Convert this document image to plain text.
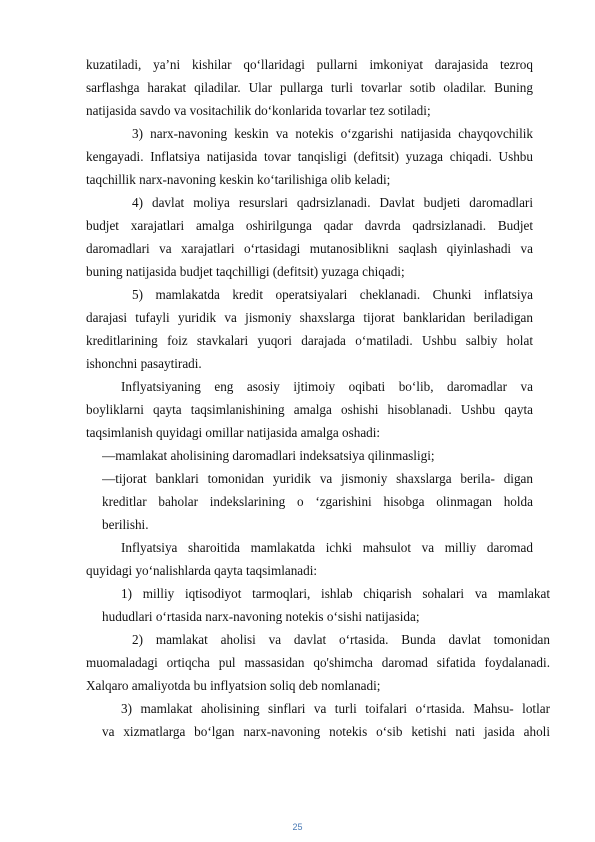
kuzatiladi, ya’ni kishilar qo‘llaridagi pullarni imkoniyat darajasida tezroq
sarflashga harakat qiladilar. Ular pullarga turli tovarlar sotib oladilar. Buning
natijasida savdo va vositachilik do‘konlarida tovarlar tez sotiladi;
3) narx-navoning keskin va notekis o‘zgarishi natijasida chayqovchilik
kengayadi. Inflatsiya natijasida tovar tanqisligi (defitsit) yuzaga chiqadi. Ushbu
taqchillik narx-navoning keskin ko‘tarilishiga olib keladi;
4) davlat moliya resurslari qadrsizlanadi. Davlat budjeti daromadlari
budjet xarajatlari amalga oshirilgungа qadar davrda qadrsizlanadi. Budjet
daromadlari va xarajatlari o‘rtasidagi mutanosiblikni saqlash qiyinlashadi va
buning natijasida budjet taqchilligi (defitsit) yuzaga chiqadi;
5) mamlakatda kredit operatsiyalari cheklanadi. Chunki inflatsiya
darajasi tufayli yuridik va jismoniy shaxslarga tijorat banklaridan beriladigan
kreditlarining foiz stavkalari yuqori darajada o‘matiladi. Ushbu salbiy holat
ishonchni pasaytiradi.
Inflyatsiyaning eng asosiy ijtimoiy oqibati bo‘lib, daromadlar va
boyliklarni qayta taqsimlanishining amalga oshishi hisoblanadi. Ushbu qayta
taqsimlanish quyidagi omillar natijasida amalga oshadi:
—mamlakat aholisining daromadlari indeksatsiya qilinmasligi;
—tijorat banklari tomonidan yuridik va jismoniy shaxslarga berila- digan
kreditlar baholar indekslarining o ‘zgarishini hisobga olinmagan holda
berilishi.
Inflyatsiya sharoitida mamlakatda ichki mahsulot va milliy daromad
quyidagi yo‘nalishlarda qayta taqsimlanadi:
1) milliy iqtisodiyot tarmoqlari, ishlab chiqarish sohalari va mamlakat
hududlari o‘rtasida narx-navoning notekis o‘sishi natijasida;
2) mamlakat aholisi va davlat o‘rtasida. Bunda davlat tomonidan
muomaladagi ortiqcha pul massasidan qo'shimcha daromad sifatida foydalanadi.
Xalqaro amaliyotda bu inflyatsion soliq deb nomlanadi;
3) mamlakat aholisining sinflari va turli toifalari o‘rtasida. Mahsu- lotlar
va xizmatlarga bo‘lgan narx-navoning notekis o‘sib ketishi nati jasida aholi
25
